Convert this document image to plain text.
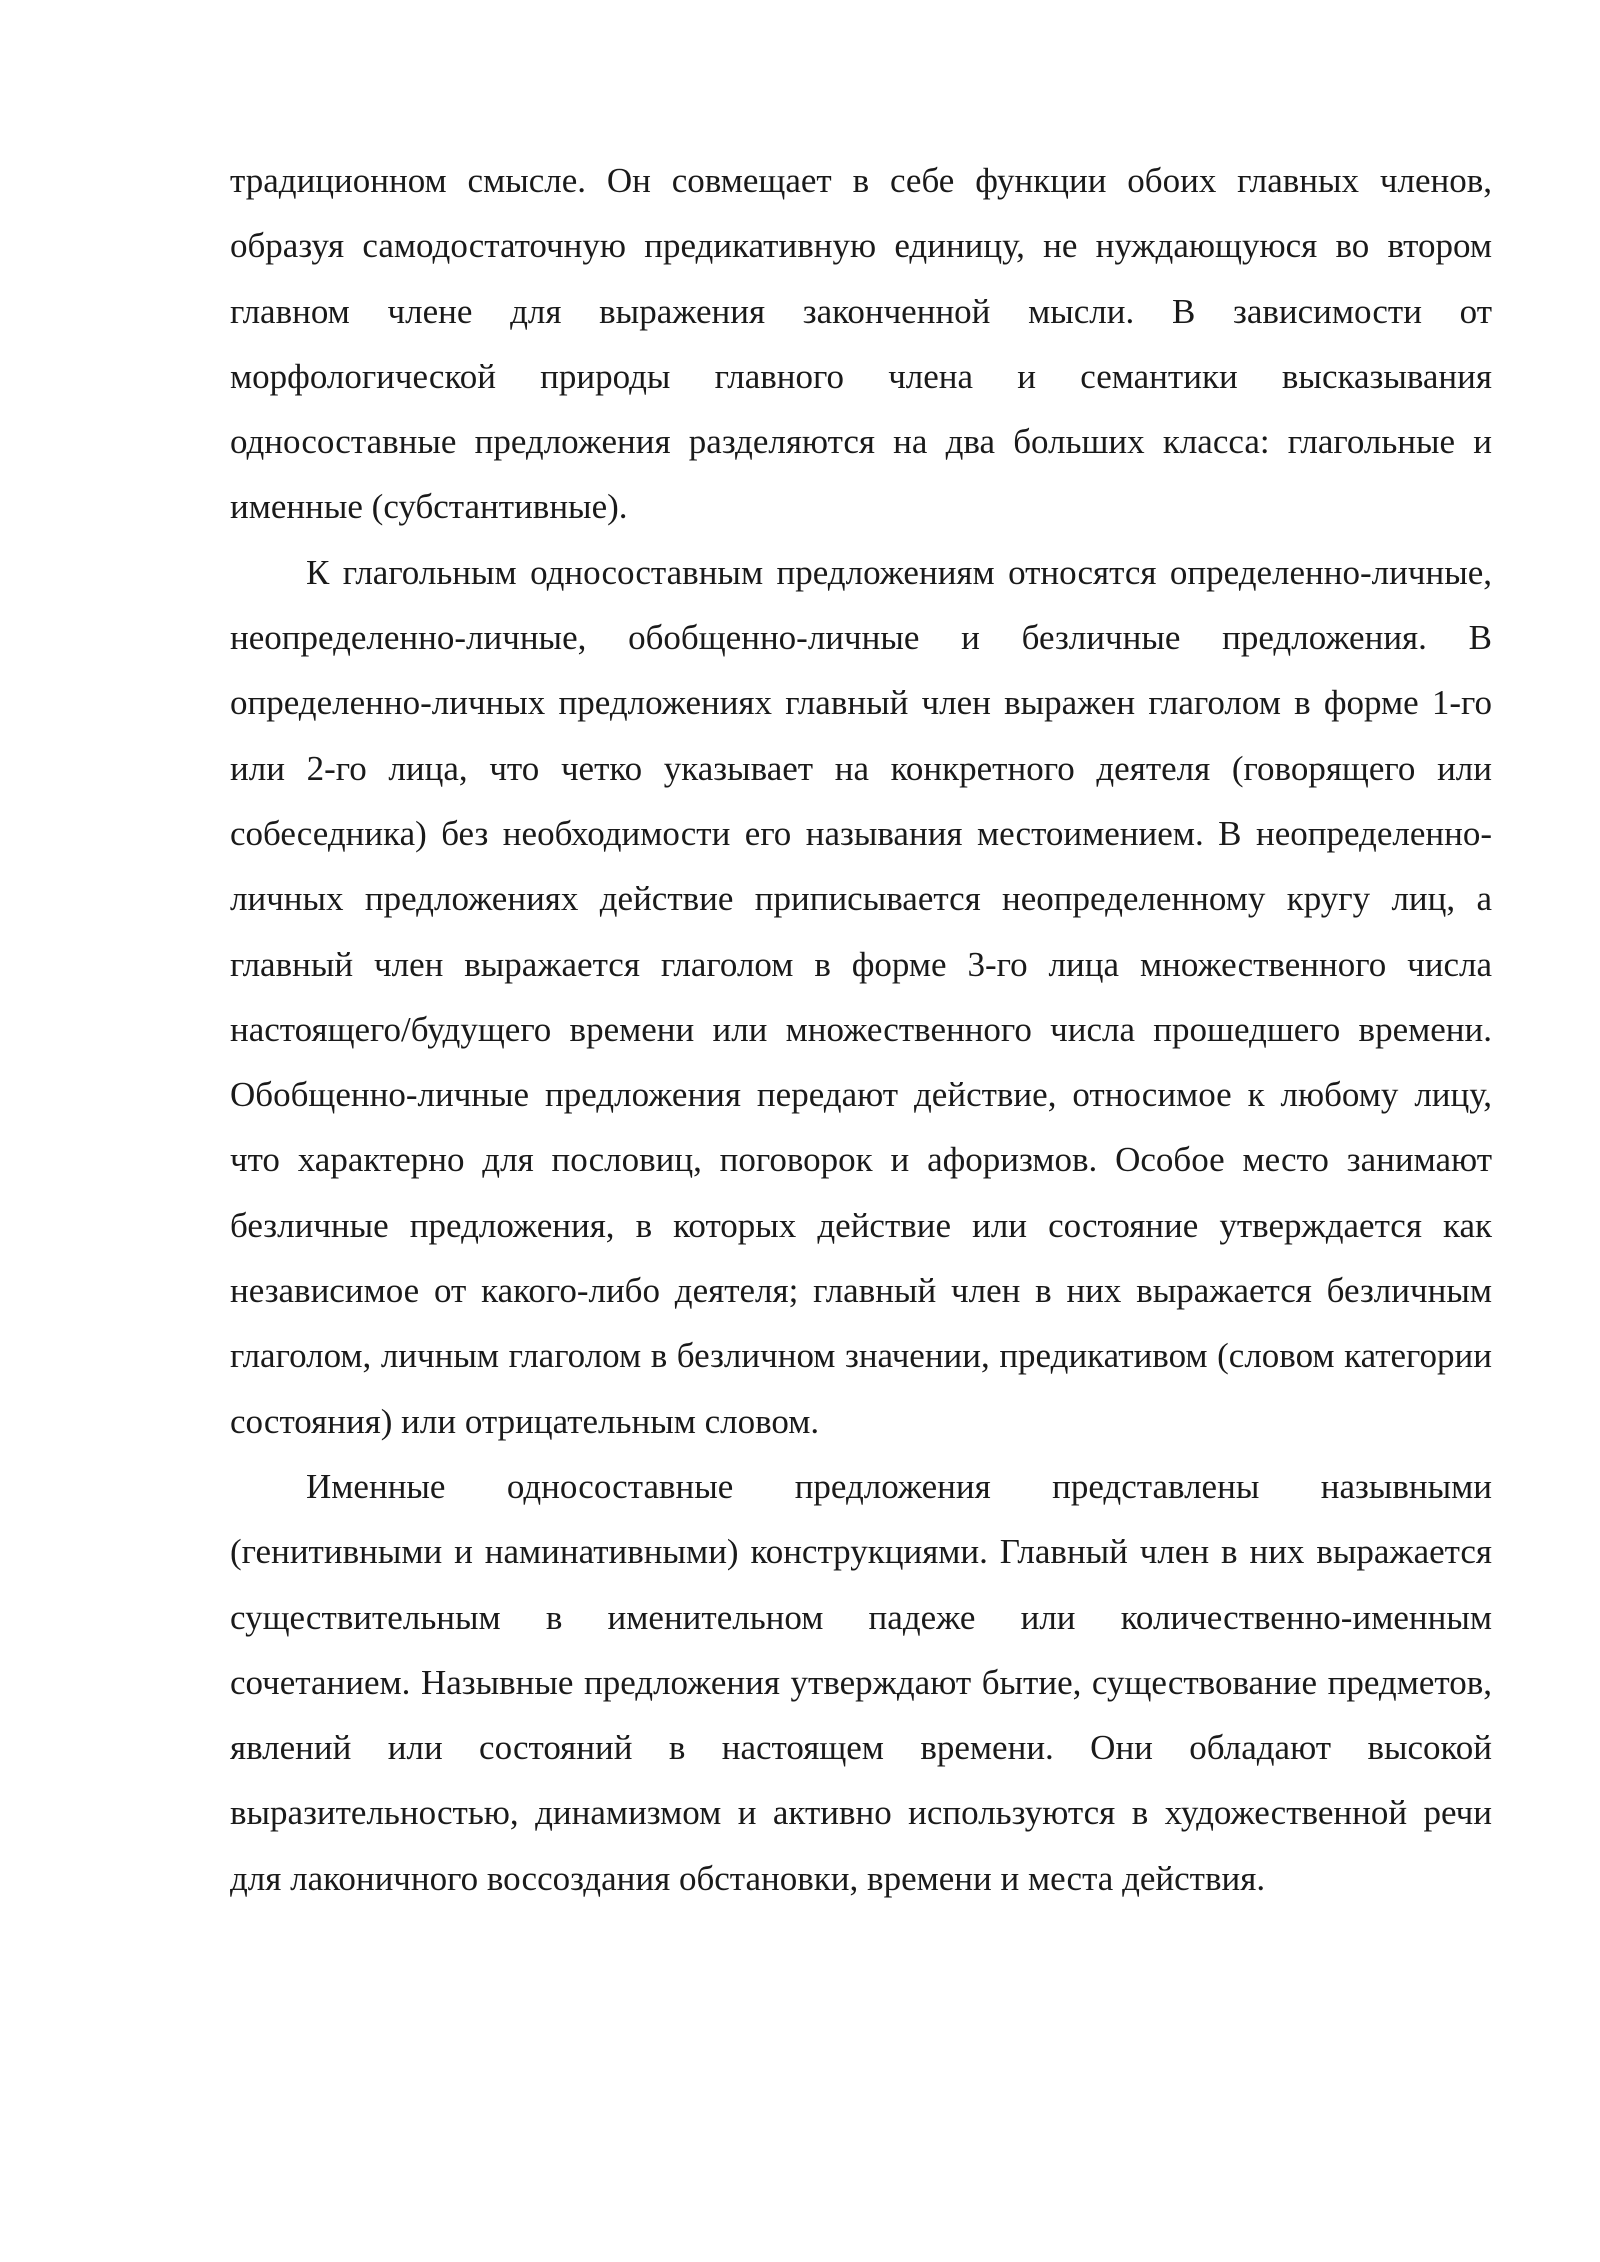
традиционном смысле. Он совмещает в себе функции обоих главных членов, образуя самодостаточную предикативную единицу, не нуждающуюся во втором главном члене для выражения законченной мысли. В зависимости от морфологической природы главного члена и семантики высказывания односоставные предложения разделяются на два больших класса: глагольные и именные (субстантивные).

К глагольным односоставным предложениям относятся определенно-личные, неопределенно-личные, обобщенно-личные и безличные предложения. В определенно-личных предложениях главный член выражен глаголом в форме 1-го или 2-го лица, что четко указывает на конкретного деятеля (говорящего или собеседника) без необходимости его называния местоимением. В неопределенно-личных предложениях действие приписывается неопределенному кругу лиц, а главный член выражается глаголом в форме 3-го лица множественного числа настоящего/будущего времени или множественного числа прошедшего времени. Обобщенно-личные предложения передают действие, относимое к любому лицу, что характерно для пословиц, поговорок и афоризмов. Особое место занимают безличные предложения, в которых действие или состояние утверждается как независимое от какого-либо деятеля; главный член в них выражается безличным глаголом, личным глаголом в безличном значении, предикативом (словом категории состояния) или отрицательным словом.

Именные односоставные предложения представлены назывными (генитивными и наминативными) конструкциями. Главный член в них выражается существительным в именительном падеже или количественно-именным сочетанием. Назывные предложения утверждают бытие, существование предметов, явлений или состояний в настоящем времени. Они обладают высокой выразительностью, динамизмом и активно используются в художественной речи для лаконичного воссоздания обстановки, времени и места действия.
